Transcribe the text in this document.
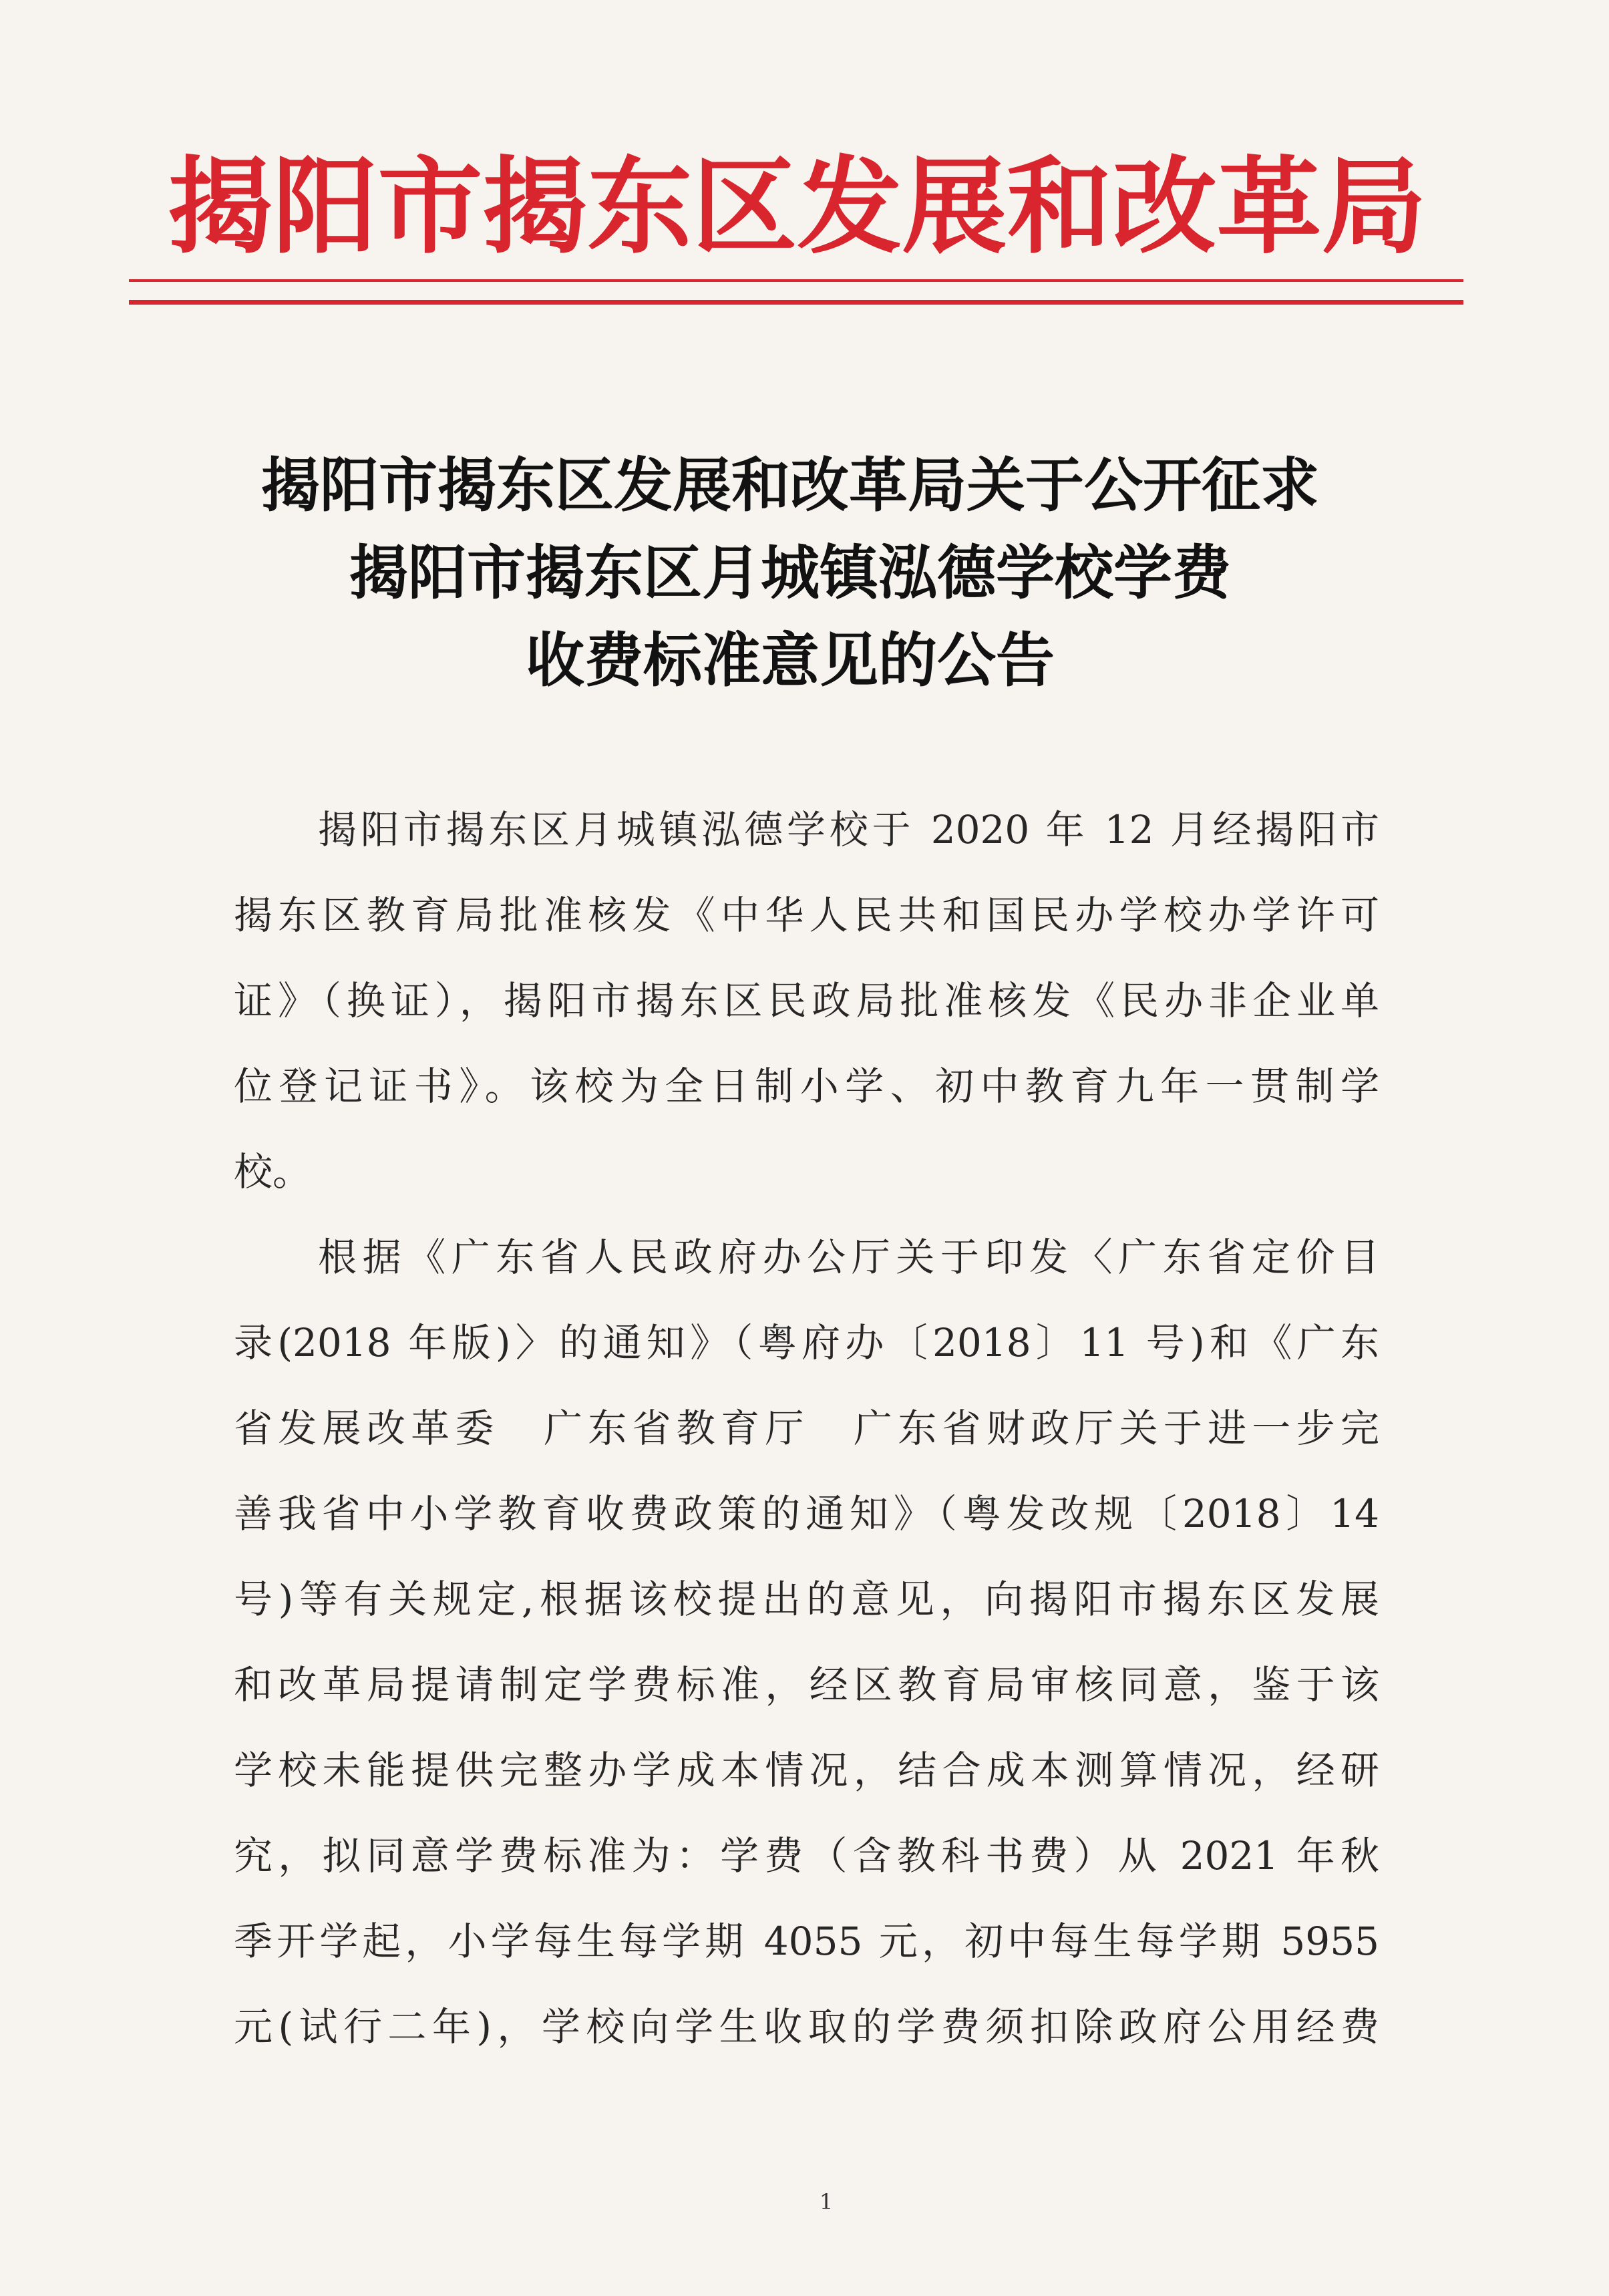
揭阳市揭东区发展和改革局
揭阳市揭东区发展和改革局关于公开征求
揭阳市揭东区月城镇泓德学校学费
收费标准意见的公告
揭阳市揭东区月城镇泓德学校于 2020 年 12 月经揭阳市
揭东区教育局批准核发《中华人民共和国民办学校办学许可
证》（换证），揭阳市揭东区民政局批准核发《民办非企业单
位登记证书》。该校为全日制小学、初中教育九年一贯制学
校。
根据《广东省人民政府办公厅关于印发〈广东省定价目
录(2018 年版)〉的通知》（粤府办〔2018〕11 号)和《广东
省发展改革委　广东省教育厅　广东省财政厅关于进一步完
善我省中小学教育收费政策的通知》（粤发改规〔2018〕14
号)等有关规定,根据该校提出的意见，向揭阳市揭东区发展
和改革局提请制定学费标准，经区教育局审核同意，鉴于该
学校未能提供完整办学成本情况，结合成本测算情况，经研
究，拟同意学费标准为：学费（含教科书费）从 2021 年秋
季开学起，小学每生每学期 4055 元，初中每生每学期 5955
元(试行二年)，学校向学生收取的学费须扣除政府公用经费
1
